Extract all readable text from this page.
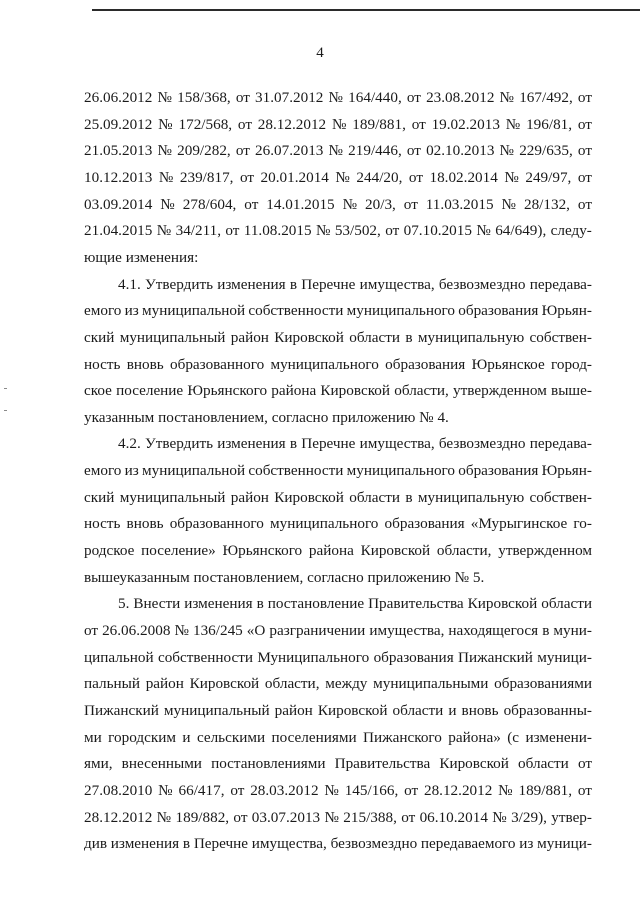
4
26.06.2012 № 158/368, от 31.07.2012 № 164/440, от 23.08.2012 № 167/492, от
25.09.2012 № 172/568, от 28.12.2012 № 189/881, от 19.02.2013 № 196/81, от
21.05.2013 № 209/282, от 26.07.2013 № 219/446, от 02.10.2013 № 229/635, от
10.12.2013 № 239/817, от 20.01.2014 № 244/20, от 18.02.2014 № 249/97, от
03.09.2014 № 278/604, от 14.01.2015 № 20/3, от 11.03.2015 № 28/132, от
21.04.2015 № 34/211, от 11.08.2015 № 53/502, от 07.10.2015 № 64/649), следу-
ющие изменения:
4.1. Утвердить изменения в Перечне имущества, безвозмездно передава-
емого из муниципальной собственности муниципального образования Юрьян-
ский муниципальный район Кировской области в муниципальную собствен-
ность вновь образованного муниципального образования Юрьянское город-
ское поселение Юрьянского района Кировской области, утвержденном выше-
указанным постановлением, согласно приложению № 4.
4.2. Утвердить изменения в Перечне имущества, безвозмездно передава-
емого из муниципальной собственности муниципального образования Юрьян-
ский муниципальный район Кировской области в муниципальную собствен-
ность вновь образованного муниципального образования «Мурыгинское го-
родское поселение» Юрьянского района Кировской области, утвержденном
вышеуказанным постановлением, согласно приложению № 5.
5. Внести изменения в постановление Правительства Кировской области
от 26.06.2008 № 136/245 «О разграничении имущества, находящегося в муни-
ципальной собственности Муниципального образования Пижанский муници-
пальный район Кировской области, между муниципальными образованиями
Пижанский муниципальный район Кировской области и вновь образованны-
ми городским и сельскими поселениями Пижанского района» (с изменени-
ями, внесенными постановлениями Правительства Кировской области от
27.08.2010 № 66/417, от 28.03.2012 № 145/166, от 28.12.2012 № 189/881, от
28.12.2012 № 189/882, от 03.07.2013 № 215/388, от 06.10.2014 № 3/29), утвер-
див изменения в Перечне имущества, безвозмездно передаваемого из муници-
